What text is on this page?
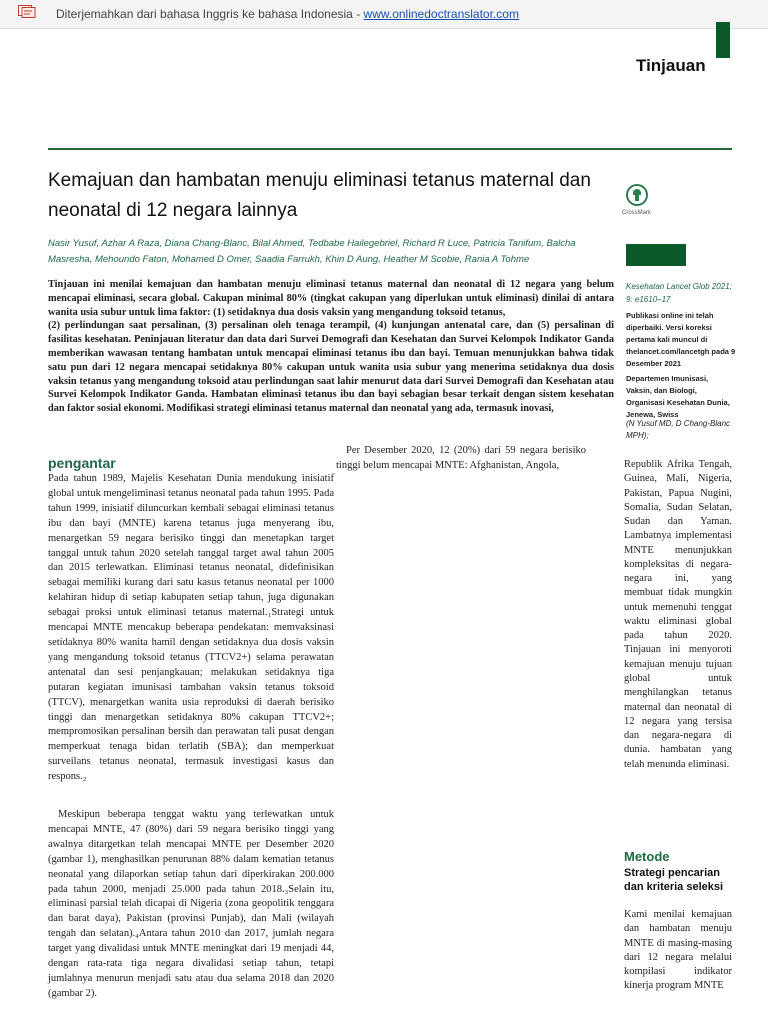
Diterjemahkan dari bahasa Inggris ke bahasa Indonesia - www.onlinedoctranslator.com
Tinjauan
Kemajuan dan hambatan menuju eliminasi tetanus maternal dan neonatal di 12 negara lainnya	CrossMark
Nasir Yusuf, Azhar A Raza, Diana Chang-Blanc, Bilal Ahmed, Tedbabe Hailegebriel, Richard R Luce, Patricia Tanifum, Balcha Masresha, Mehoundo Faton, Mohamed D Omer, Saadia Farrukh, Khin D Aung, Heather M Scobie, Rania A Tohme
Tinjauan ini menilai kemajuan dan hambatan menuju eliminasi tetanus maternal dan neonatal di 12 negara yang belum mencapai eliminasi, secara global. Cakupan minimal 80% (tingkat cakupan yang diperlukan untuk eliminasi) dinilai di antara wanita usia subur untuk lima faktor: (1) setidaknya dua dosis vaksin yang mengandung toksoid tetanus,
(2) perlindungan saat persalinan, (3) persalinan oleh tenaga terampil, (4) kunjungan antenatal care, dan (5) persalinan di fasilitas kesehatan. Peninjauan literatur dan data dari Survei Demografi dan Kesehatan dan Survei Kelompok Indikator Ganda memberikan wawasan tentang hambatan untuk mencapai eliminasi tetanus ibu dan bayi. Temuan menunjukkan bahwa tidak satu pun dari 12 negara mencapai setidaknya 80% cakupan untuk wanita usia subur yang menerima setidaknya dua dosis vaksin tetanus yang mengandung toksoid atau perlindungan saat lahir menurut data dari Survei Demografi dan Kesehatan atau Survei Kelompok Indikator Ganda. Hambatan eliminasi tetanus ibu dan bayi sebagian besar terkait dengan sistem kesehatan dan faktor sosial ekonomi. Modifikasi strategi eliminasi tetanus maternal dan neonatal yang ada, termasuk inovasi,

Kesehatan Lancet Glob 2021; 9: e1610–17

Publikasi online ini telah diperbaiki. Versi koreksi pertama kali muncul di thelancet.com/lancetgh pada 9 Desember 2021

Departemen Imunisasi, Vaksin, dan Biologi, Organisasi Kesehatan Dunia, Jenewa, Swiss

(N Yusuf MD, D Chang-Blanc MPH);
pengantar
Pada tahun 1989, Majelis Kesehatan Dunia mendukung inisiatif global untuk mengeliminasi tetanus neonatal pada tahun 1995. Pada tahun 1999, inisiatif diluncurkan kembali sebagai eliminasi tetanus ibu dan bayi (MNTE) karena tetanus juga menyerang ibu, menargetkan 59 negara berisiko tinggi dan menetapkan target tanggal untuk tahun 2020 setelah tanggal target awal tahun 2005 dan 2015 terlewatkan. Eliminasi tetanus neonatal, didefinisikan sebagai memiliki kurang dari satu kasus tetanus neonatal per 1000 kelahiran hidup di setiap kabupaten setiap tahun, juga digunakan sebagai proksi untuk eliminasi tetanus maternal.₁Strategi untuk mencapai MNTE mencakup beberapa pendekatan: memvaksinasi setidaknya 80% wanita hamil dengan setidaknya dua dosis vaksin yang mengandung toksoid tetanus (TTCV2+) selama perawatan antenatal dan sesi penjangkauan; melakukan setidaknya tiga putaran kegiatan imunisasi tambahan vaksin tetanus toksoid (TTCV), menargetkan wanita usia reproduksi di daerah berisiko tinggi dan menargetkan setidaknya 80% cakupan TTCV2+; mempromosikan persalinan bersih dan perawatan tali pusat dengan memperkuat tenaga bidan terlatih (SBA); dan memperkuat surveilans tetanus neonatal, termasuk investigasi kasus dan respons.₂
Meskipun beberapa tenggat waktu yang terlewatkan untuk mencapai MNTE, 47 (80%) dari 59 negara berisiko tinggi yang awalnya ditargetkan telah mencapai MNTE per Desember 2020 (gambar 1), menghasilkan penurunan 88% dalam kematian tetanus neonatal yang dilaporkan setiap tahun dari diperkirakan 200.000 pada tahun 2000, menjadi 25.000 pada tahun 2018.₃Selain itu, eliminasi parsial telah dicapai di Nigeria (zona geopolitik tenggara dan barat daya), Pakistan (provinsi Punjab), dan Mali (wilayah tengah dan selatan).₄Antara tahun 2010 dan 2017, jumlah negara target yang divalidasi untuk MNTE meningkat dari 19 menjadi 44, dengan rata-rata tiga negara divalidasi setiap tahun, tetapi jumlahnya menurun menjadi satu atau dua selama 2018 dan 2020 (gambar 2).
Per Desember 2020, 12 (20%) dari 59 negara berisiko tinggi belum mencapai MNTE: Afghanistan, Angola,	Republik Afrika Tengah, Guinea, Mali, Nigeria, Pakistan, Papua Nugini, Somalia, Sudan Selatan, Sudan dan Yaman. Lambatnya implementasi MNTE menunjukkan kompleksitas di negara-negara ini, yang membuat tidak mungkin untuk memenuhi tenggat waktu eliminasi global pada tahun 2020. Tinjauan ini menyoroti kemajuan menuju tujuan global untuk menghilangkan tetanus maternal dan neonatal di 12 negara yang tersisa dan negara-negara di dunia. hambatan yang telah menunda eliminasi.
Metode
Strategi pencarian dan kriteria seleksi
Kami menilai kemajuan dan hambatan menuju MNTE di masing-masing dari 12 negara melalui kompilasi indikator kinerja program MNTE
